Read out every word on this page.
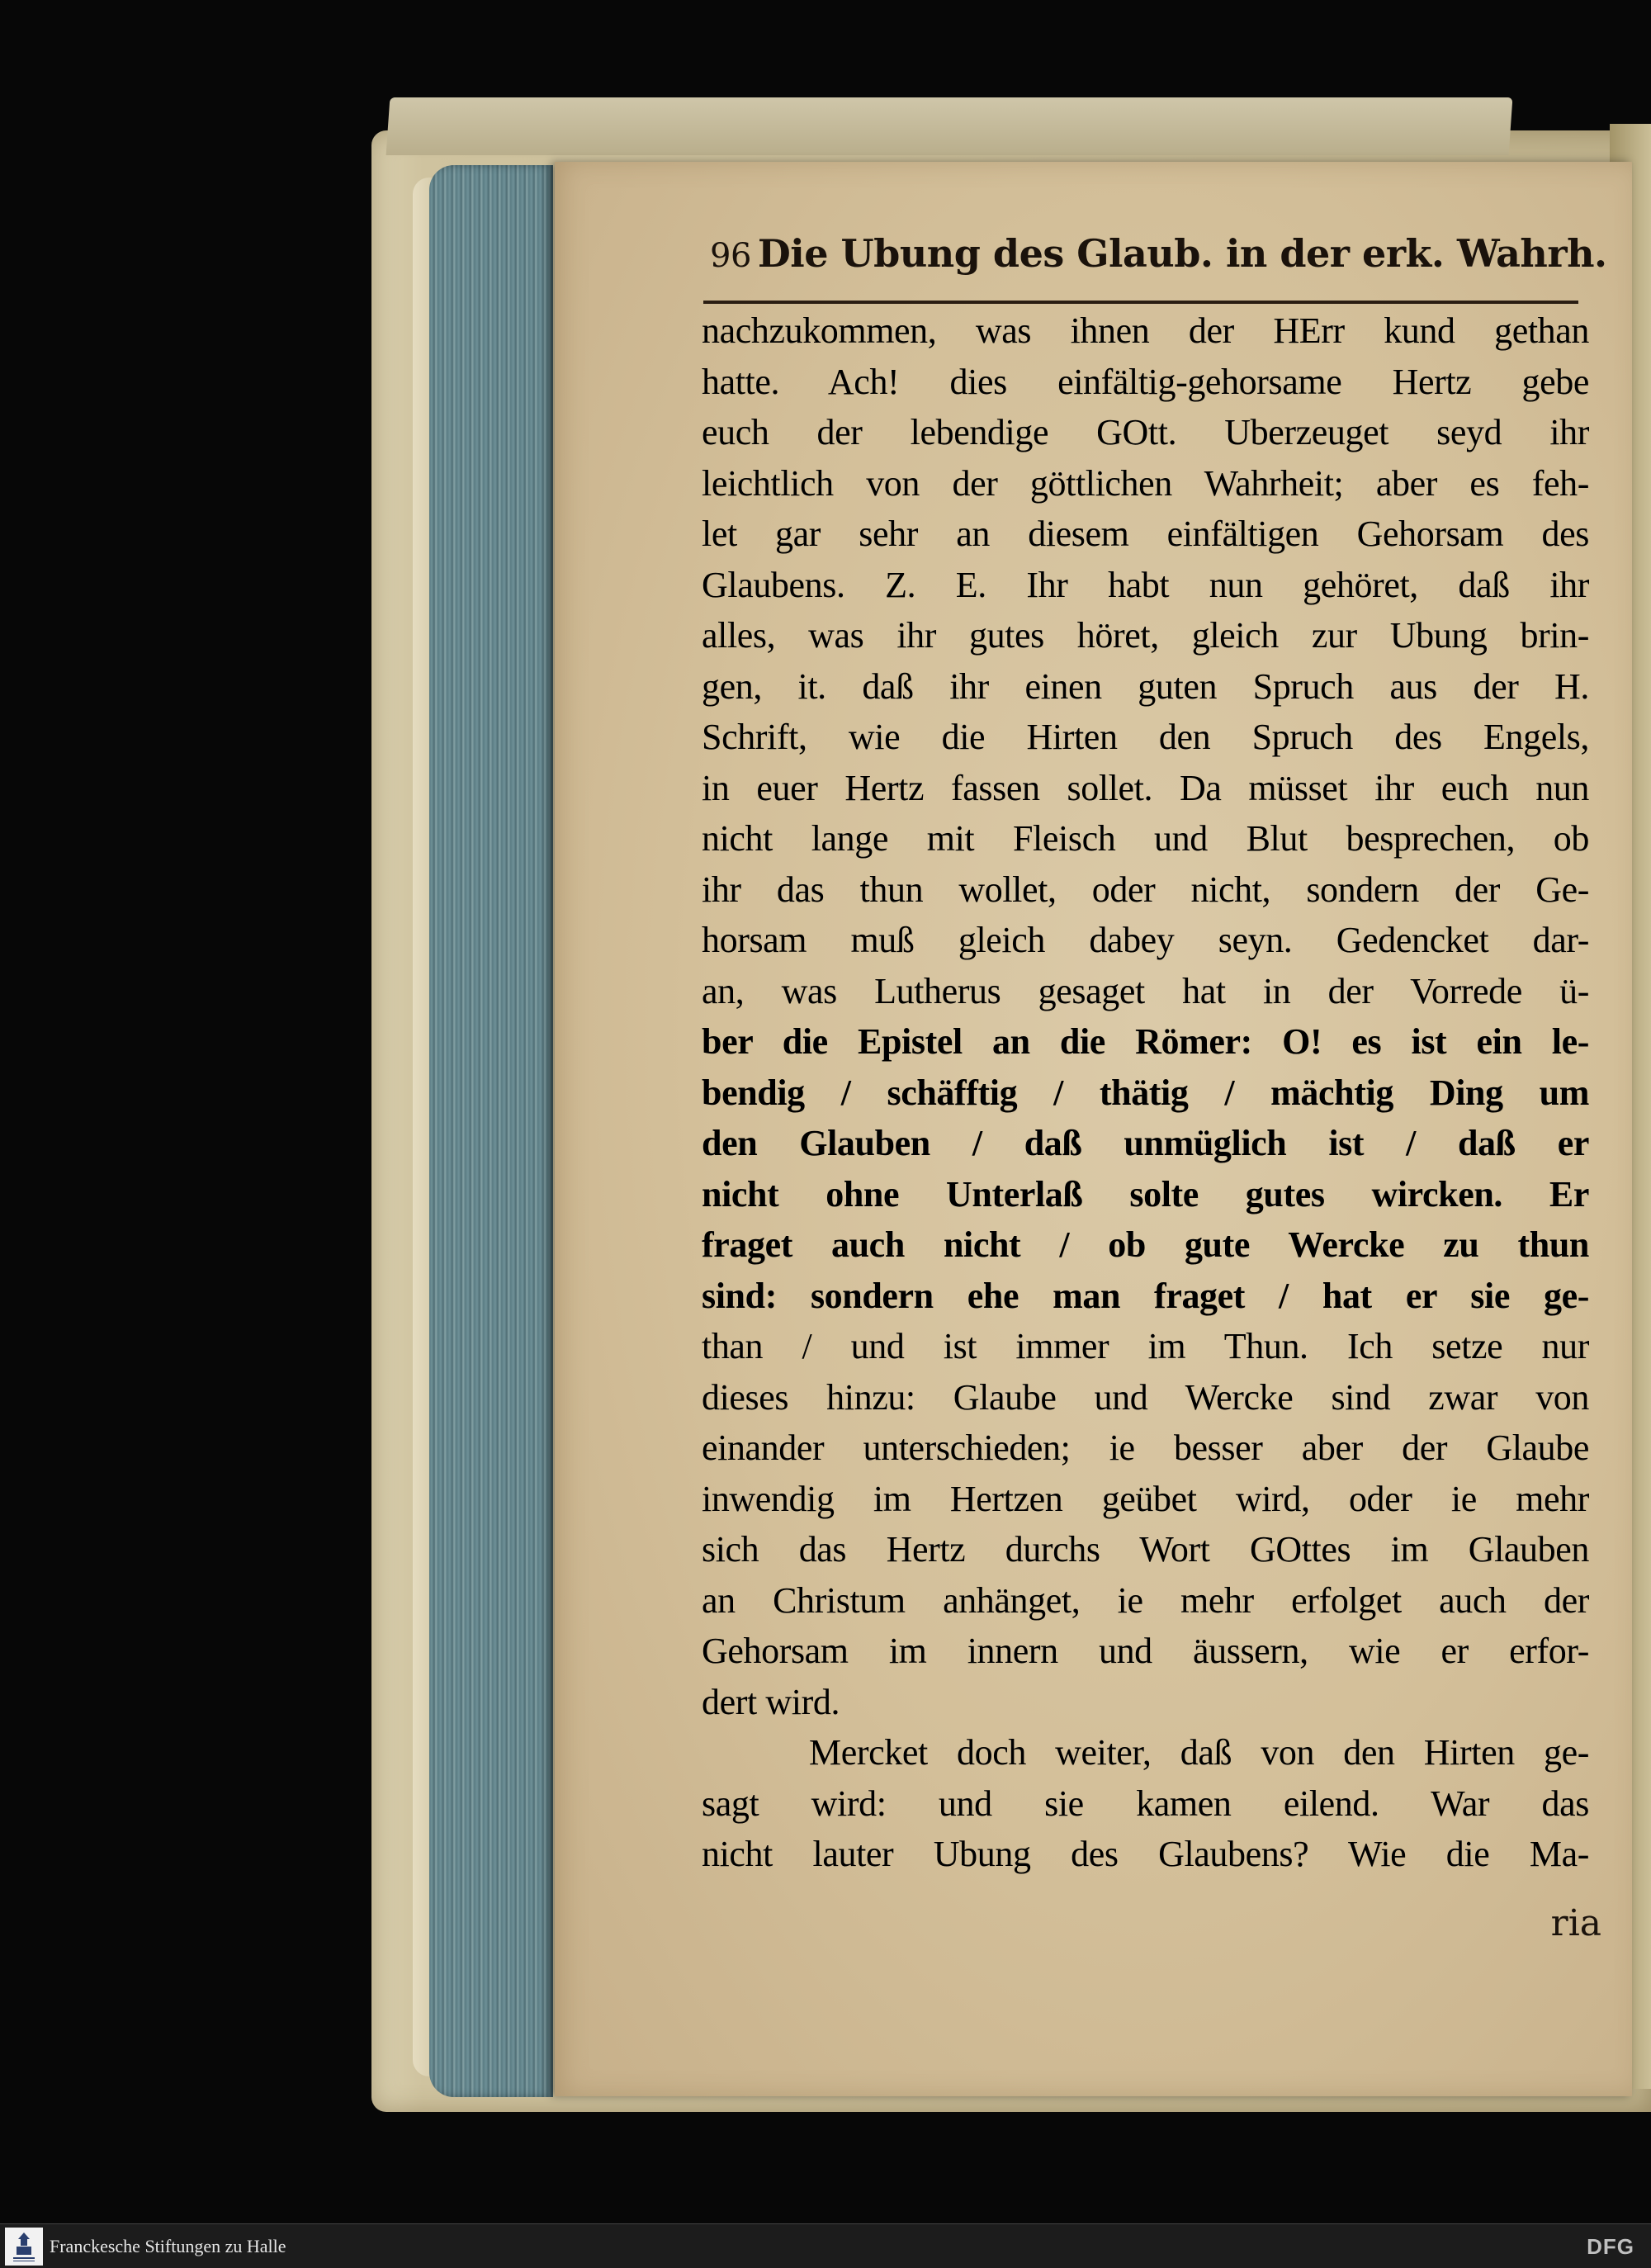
96 Die Ubung des Glaub. in der erk. Wahrh.
nachzukommen, was ihnen der HErr kund gethan
hatte. Ach! dies einfältig-gehorsame Hertz gebe
euch der lebendige GOtt. Uberzeuget seyd ihr
leichtlich von der göttlichen Wahrheit; aber es feh-
let gar sehr an diesem einfältigen Gehorsam des
Glaubens. Z. E. Ihr habt nun gehöret, daß ihr
alles, was ihr gutes höret, gleich zur Ubung brin-
gen, it. daß ihr einen guten Spruch aus der H.
Schrift, wie die Hirten den Spruch des Engels,
in euer Hertz fassen sollet. Da müsset ihr euch nun
nicht lange mit Fleisch und Blut besprechen, ob
ihr das thun wollet, oder nicht, sondern der Ge-
horsam muß gleich dabey seyn. Gedencket dar-
an, was Lutherus gesaget hat in der Vorrede ü-
ber die Epistel an die Römer: O! es ist ein le-
bendig / schäfftig / thätig / mächtig Ding um
den Glauben / daß unmüglich ist / daß er
nicht ohne Unterlaß solte gutes wircken. Er
fraget auch nicht / ob gute Wercke zu thun
sind: sondern ehe man fraget / hat er sie ge-
than / und ist immer im Thun. Ich setze nur
dieses hinzu: Glaube und Wercke sind zwar von
einander unterschieden; ie besser aber der Glaube
inwendig im Hertzen geübet wird, oder ie mehr
sich das Hertz durchs Wort GOttes im Glauben
an Christum anhänget, ie mehr erfolget auch der
Gehorsam im innern und äussern, wie er erfor-
dert wird.
Mercket doch weiter, daß von den Hirten ge-
sagt wird: und sie kamen eilend. War das
nicht lauter Ubung des Glaubens? Wie die Ma-
ria
Franckesche Stiftungen zu Halle	DFG
